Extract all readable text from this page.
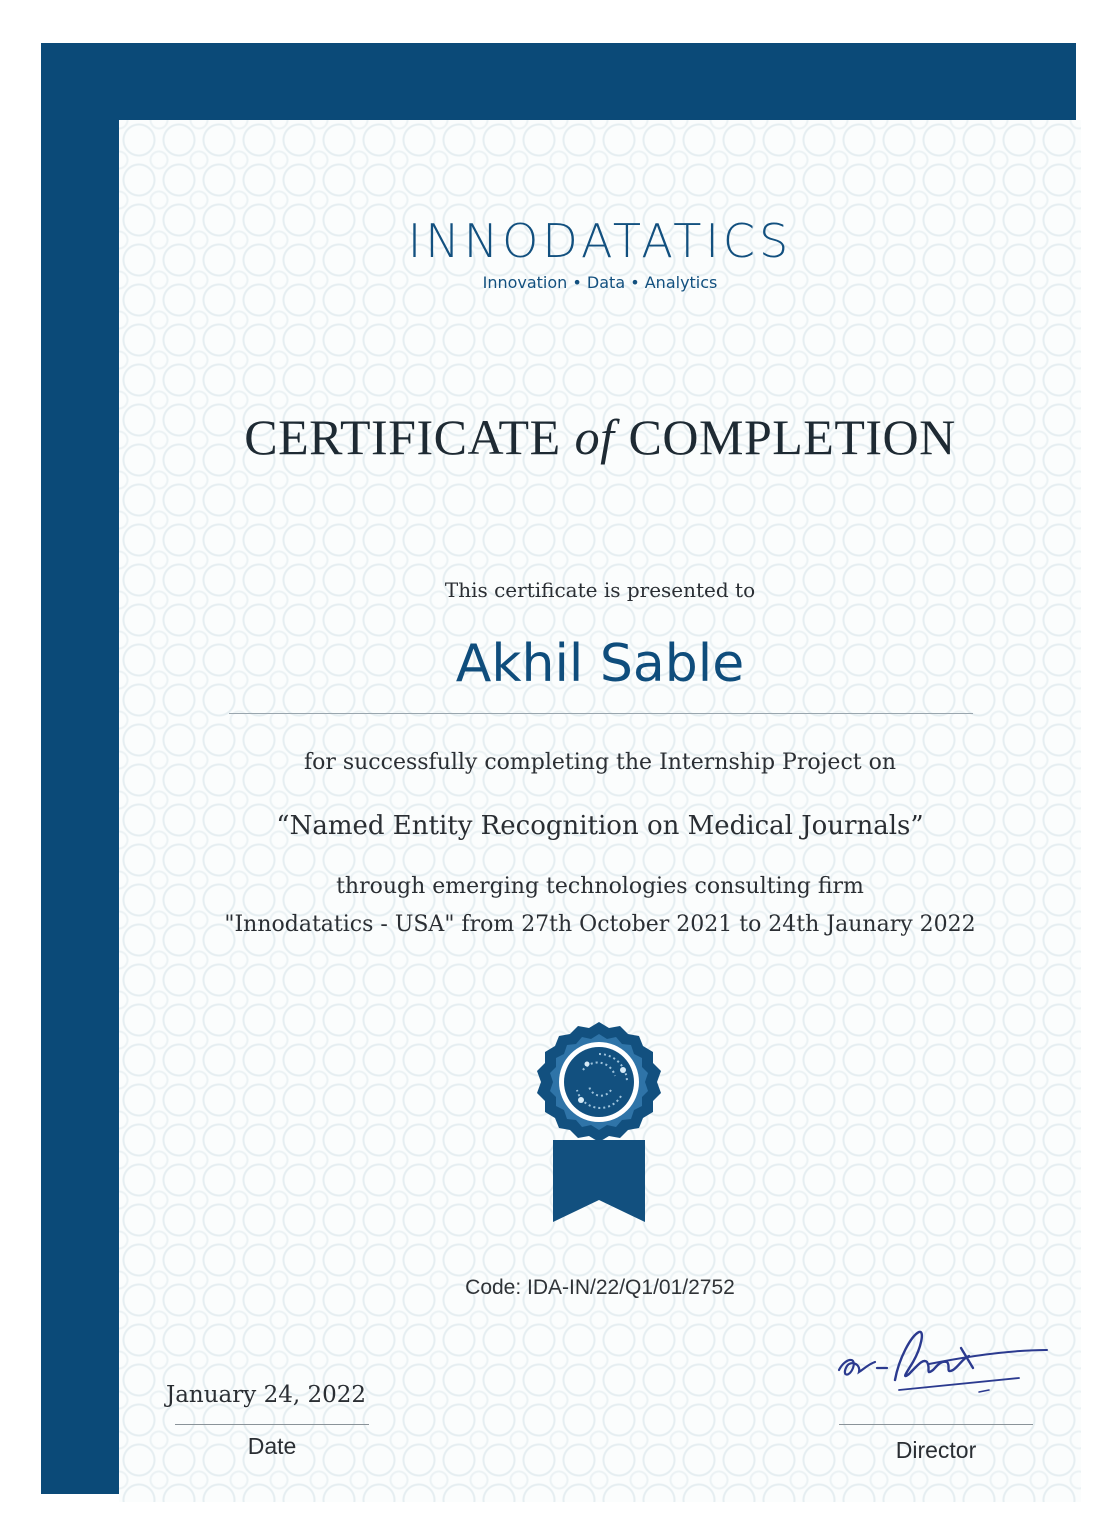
INNODATATICS
Innovation • Data • Analytics
CERTIFICATE of COMPLETION
This certificate is presented to
Akhil Sable
for successfully completing the Internship Project on
“Named Entity Recognition on Medical Journals”
through emerging technologies consulting firm
"Innodatatics - USA" from 27th October 2021 to 24th Jaunary 2022
Code: IDA-IN/22/Q1/01/2752
January 24, 2022
Date	Director
